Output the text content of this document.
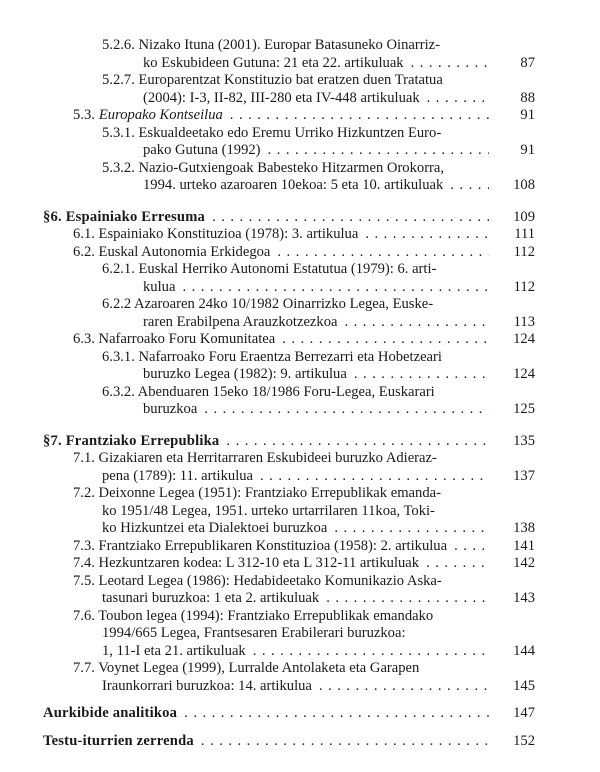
5.2.6. Nizako Ituna (2001). Europar Batasuneko Oinarriz-
ko Eskubideen Gutuna: 21 eta 22. artikuluak .....	87
5.2.7. Europarentzat Konstituzio bat eratzen duen Tratatua
(2004): I-3, II-82, III-280 eta IV-448 artikuluak .....	88
5.3. Europako Kontseilua .....	91
5.3.1. Eskualdeetako edo Eremu Urriko Hizkuntzen Euro-
pako Gutuna (1992) .....	91
5.3.2. Nazio-Gutxiengoak Babesteko Hitzarmen Orokorra,
1994. urteko azaroaren 10ekoa: 5 eta 10. artikuluak .....	108
§6. Espainiako Erresuma .....	109
6.1. Espainiako Konstituzioa (1978): 3. artikulua .....	111
6.2. Euskal Autonomia Erkidegoa .....	112
6.2.1. Euskal Herriko Autonomi Estatutua (1979): 6. arti-
kulua .....	112
6.2.2 Azaroaren 24ko 10/1982 Oinarrizko Legea, Euske-
raren Erabilpena Arauzkotzezkoa .....	113
6.3. Nafarroako Foru Komunitatea .....	124
6.3.1. Nafarroako Foru Eraentza Berrezarri eta Hobetzeari
buruzko Legea (1982): 9. artikulua .....	124
6.3.2. Abenduaren 15eko 18/1986 Foru-Legea, Euskarari
buruzkoa .....	125
§7. Frantziako Errepublika .....	135
7.1. Gizakiaren eta Herritarraren Eskubideei buruzko Adieraz-
pena (1789): 11. artikulua .....	137
7.2. Deixonne Legea (1951): Frantziako Errepublikak emanda-
ko 1951/48 Legea, 1951. urteko urtarrilaren 11koa, Toki-
ko Hizkuntzei eta Dialektoei buruzkoa .....	138
7.3. Frantziako Errepublikaren Konstituzioa (1958): 2. artikulua .....	141
7.4. Hezkuntzaren kodea: L 312-10 eta L 312-11 artikuluak .....	142
7.5. Leotard Legea (1986): Hedabideetako Komunikazio Aska-
tasunari buruzkoa: 1 eta 2. artikuluak .....	143
7.6. Toubon legea (1994): Frantziako Errepublikak emandako
1994/665 Legea, Frantsesaren Erabilerari buruzkoa:
1, 11-I eta 21. artikuluak .....	144
7.7. Voynet Legea (1999), Lurralde Antolaketa eta Garapen
Iraunkorrari buruzkoa: 14. artikulua .....	145
Aurkibide analitikoa .....	147
Testu-iturrien zerrenda .....	152
